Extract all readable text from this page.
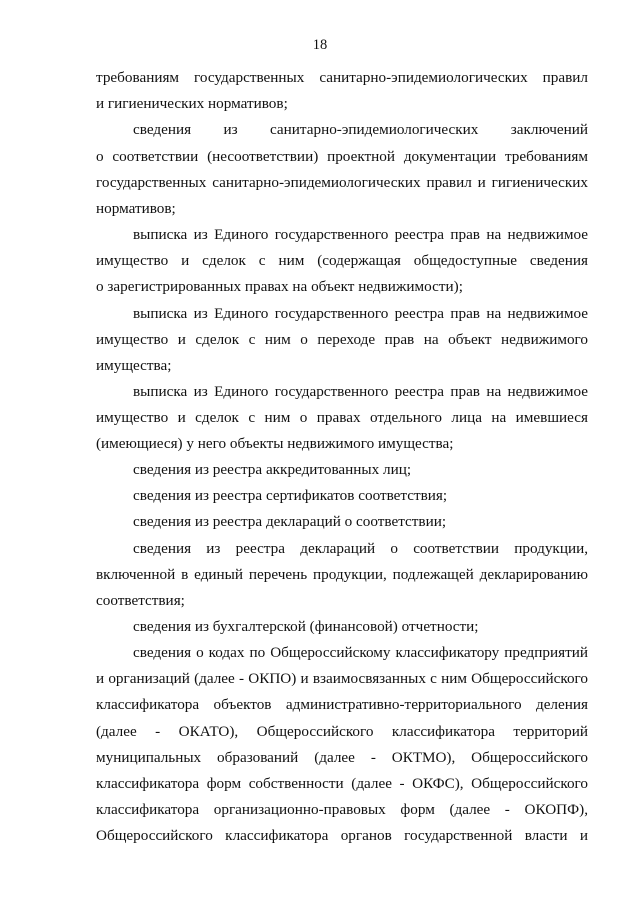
18
требованиям государственных санитарно-эпидемиологических правил
и гигиенических нормативов;
сведения из санитарно-эпидемиологических заключений
о соответствии (несоответствии) проектной документации требованиям
государственных санитарно-эпидемиологических правил и гигиенических
нормативов;
выписка из Единого государственного реестра прав на недвижимое
имущество и сделок с ним (содержащая общедоступные сведения
о зарегистрированных правах на объект недвижимости);
выписка из Единого государственного реестра прав на недвижимое
имущество и сделок с ним о переходе прав на объект недвижимого
имущества;
выписка из Единого государственного реестра прав на недвижимое
имущество и сделок с ним о правах отдельного лица на имевшиеся
(имеющиеся) у него объекты недвижимого имущества;
сведения из реестра аккредитованных лиц;
сведения из реестра сертификатов соответствия;
сведения из реестра деклараций о соответствии;
сведения из реестра деклараций о соответствии продукции,
включенной в единый перечень продукции, подлежащей декларированию
соответствия;
сведения из бухгалтерской (финансовой) отчетности;
сведения о кодах по Общероссийскому классификатору предприятий
и организаций (далее - ОКПО) и взаимосвязанных с ним Общероссийского
классификатора объектов административно-территориального деления
(далее - ОКАТО), Общероссийского классификатора территорий
муниципальных образований (далее - ОКТМО), Общероссийского
классификатора форм собственности (далее - ОКФС), Общероссийского
классификатора организационно-правовых форм (далее - ОКОПФ),
Общероссийского классификатора органов государственной власти и
